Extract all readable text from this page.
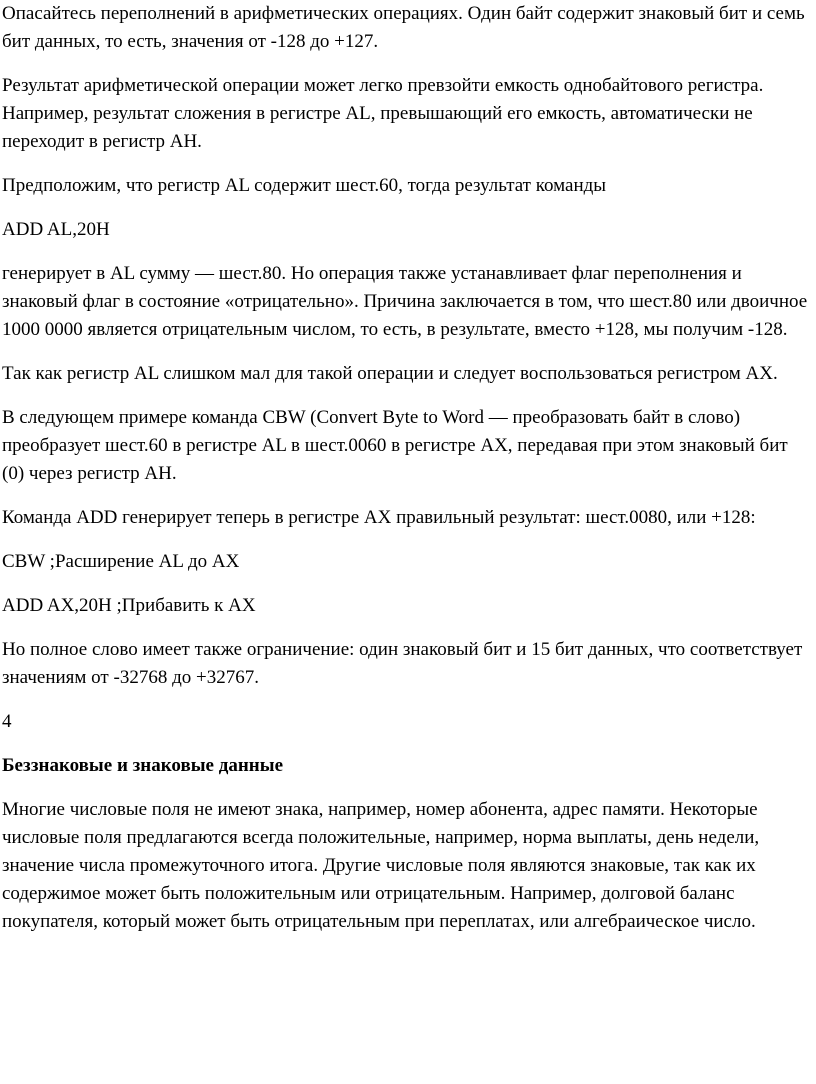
Опасайтесь переполнений в арифметических операциях. Один байт содержит знаковый бит и семь бит данных, то есть, значения от -128 до +127.

Результат арифметической операции может легко превзойти емкость однобайтового регистра. Например, результат сложения в регистре AL, превышающий его емкость, автоматически не переходит в регистр AH.

Предположим, что регистр AL содержит шест.60, тогда результат команды

ADD AL,20H

генерирует в AL сумму — шест.80. Но операция также устанавливает флаг переполнения и знаковый флаг в состояние «отрицательно». Причина заключается в том, что шест.80 или двоичное 1000 0000 является отрицательным числом, то есть, в результате, вместо +128, мы получим -128.

Так как регистр AL слишком мал для такой операции и следует воспользоваться регистром AX.

В следующем примере команда CBW (Convert Byte to Word — преобразовать байт в слово) преобразует шест.60 в регистре AL в шест.0060 в регистре AX, передавая при этом знаковый бит (0) через регистр AH.

Команда ADD генерирует теперь в регистре AX правильный результат: шест.0080, или +128:

CBW ;Расширение AL до AX

ADD AX,20H ;Прибавить к AX

Но полное слово имеет также ограничение: один знаковый бит и 15 бит данных, что соответствует значениям от -32768 до +32767.

4

Беззнаковые и знаковые данные

Многие числовые поля не имеют знака, например, номер абонента, адрес памяти. Некоторые числовые поля предлагаются всегда положительные, например, норма выплаты, день недели, значение числа промежуточного итога. Другие числовые поля являются знаковые, так как их содержимое может быть положительным или отрицательным. Например, долговой баланс покупателя, который может быть отрицательным при переплатах, или алгебраическое число.
